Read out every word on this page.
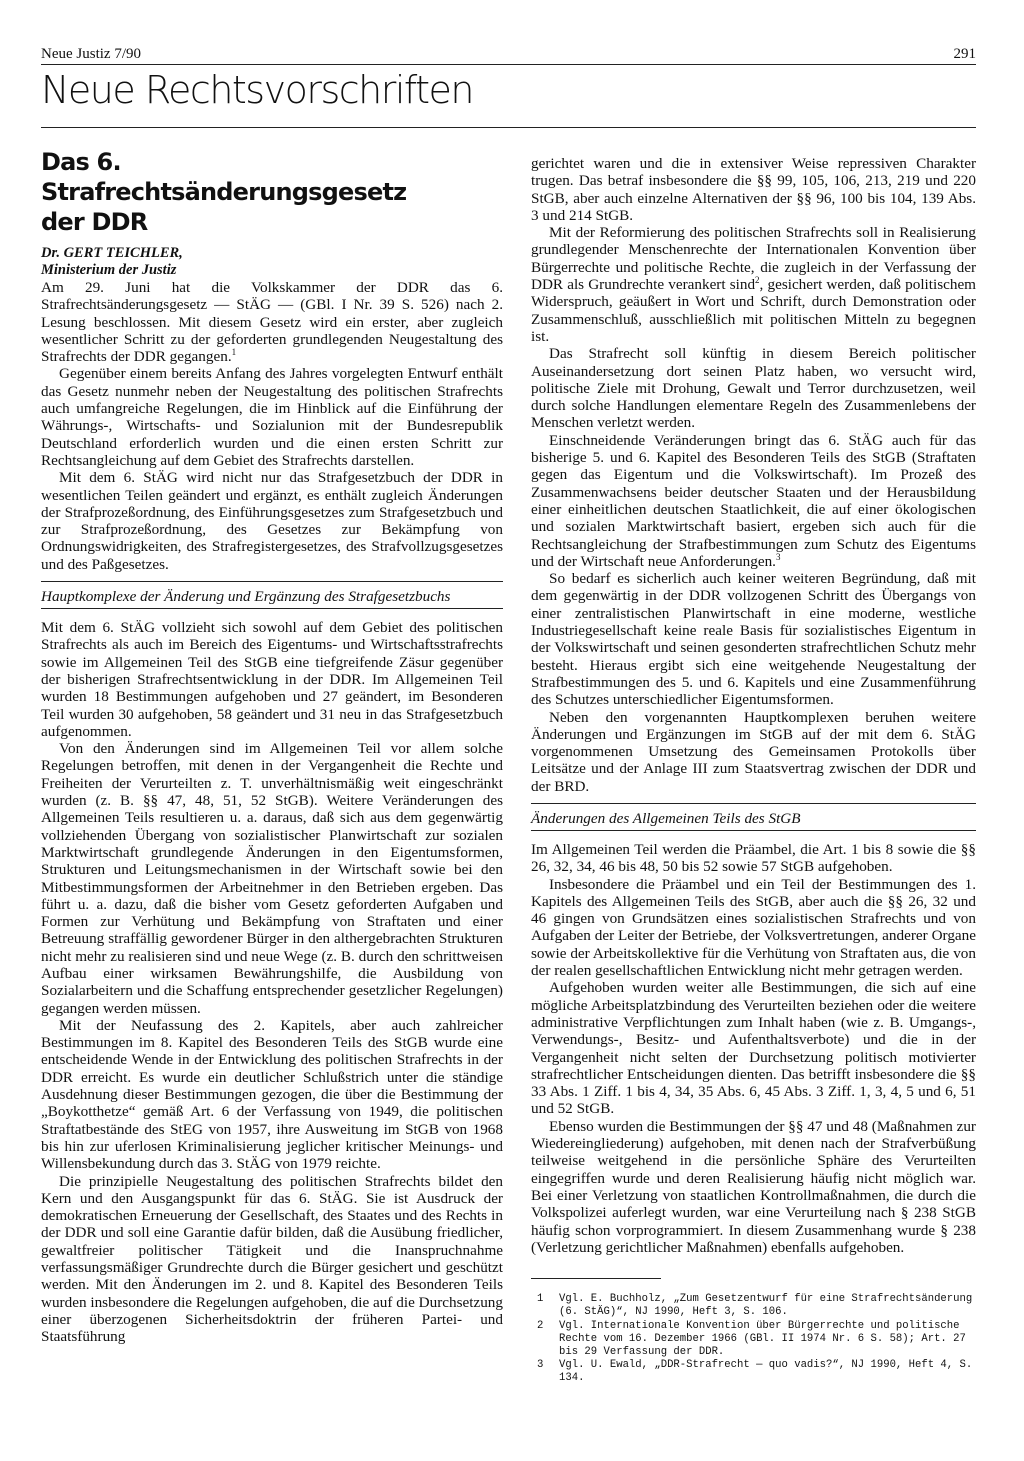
Neue Justiz 7/90	291
Neue Rechtsvorschriften
Das 6. Strafrechtsänderungsgesetz der DDR

Dr. GERT TEICHLER,

Ministerium der Justiz

Am 29. Juni hat die Volkskammer der DDR das 6. Strafrechtsänderungsgesetz — StÄG — (GBl. I Nr. 39 S. 526) nach 2. Lesung beschlossen. Mit diesem Gesetz wird ein erster, aber zugleich wesentlicher Schritt zu der geforderten grundlegenden Neugestaltung des Strafrechts der DDR gegangen.$^1$

Gegenüber einem bereits Anfang des Jahres vorgelegten Entwurf enthält das Gesetz nunmehr neben der Neugestaltung des politischen Strafrechts auch umfangreiche Regelungen, die im Hinblick auf die Einführung der Währungs-, Wirtschafts- und Sozialunion mit der Bundesrepublik Deutschland erforderlich wurden und die einen ersten Schritt zur Rechtsangleichung auf dem Gebiet des Strafrechts darstellen.

Mit dem 6. StÄG wird nicht nur das Strafgesetzbuch der DDR in wesentlichen Teilen geändert und ergänzt, es enthält zugleich Änderungen der Strafprozeßordnung, des Einführungsgesetzes zum Strafgesetzbuch und zur Strafprozeßordnung, des Gesetzes zur Bekämpfung von Ordnungswidrigkeiten, des Strafregistergesetzes, des Strafvollzugsgesetzes und des Paßgesetzes.

Hauptkomplexe der Änderung und Ergänzung des Strafgesetzbuchs

Mit dem 6. StÄG vollzieht sich sowohl auf dem Gebiet des politischen Strafrechts als auch im Bereich des Eigentums- und Wirtschaftsstrafrechts sowie im Allgemeinen Teil des StGB eine tiefgreifende Zäsur gegenüber der bisherigen Strafrechtsentwicklung in der DDR. Im Allgemeinen Teil wurden 18 Bestimmungen aufgehoben und 27 geändert, im Besonderen Teil wurden 30 aufgehoben, 58 geändert und 31 neu in das Strafgesetzbuch aufgenommen.

Von den Änderungen sind im Allgemeinen Teil vor allem solche Regelungen betroffen, mit denen in der Vergangenheit die Rechte und Freiheiten der Verurteilten z. T. unverhältnismäßig weit eingeschränkt wurden (z. B. §§ 47, 48, 51, 52 StGB). Weitere Veränderungen des Allgemeinen Teils resultieren u. a. daraus, daß sich aus dem gegenwärtig vollziehenden Übergang von sozialistischer Planwirtschaft zur sozialen Marktwirtschaft grundlegende Änderungen in den Eigentumsformen, Strukturen und Leitungsmechanismen in der Wirtschaft sowie bei den Mitbestimmungsformen der Arbeitnehmer in den Betrieben ergeben. Das führt u. a. dazu, daß die bisher vom Gesetz geforderten Aufgaben und Formen zur Verhütung und Bekämpfung von Straftaten und einer Betreuung straffällig gewordener Bürger in den althergebrachten Strukturen nicht mehr zu realisieren sind und neue Wege (z. B. durch den schrittweisen Aufbau einer wirksamen Bewährungshilfe, die Ausbildung von Sozialarbeitern und die Schaffung entsprechender gesetzlicher Regelungen) gegangen werden müssen.

Mit der Neufassung des 2. Kapitels, aber auch zahlreicher Bestimmungen im 8. Kapitel des Besonderen Teils des StGB wurde eine entscheidende Wende in der Entwicklung des politischen Strafrechts in der DDR erreicht. Es wurde ein deutlicher Schlußstrich unter die ständige Ausdehnung dieser Bestimmungen gezogen, die über die Bestimmung der „Boykotthetze“ gemäß Art. 6 der Verfassung von 1949, die politischen Straftatbestände des StEG von 1957, ihre Ausweitung im StGB von 1968 bis hin zur uferlosen Kriminalisierung jeglicher kritischer Meinungs- und Willensbekundung durch das 3. StÄG von 1979 reichte.

Die prinzipielle Neugestaltung des politischen Strafrechts bildet den Kern und den Ausgangspunkt für das 6. StÄG. Sie ist Ausdruck der demokratischen Erneuerung der Gesellschaft, des Staates und des Rechts in der DDR und soll eine Garantie dafür bilden, daß die Ausübung friedlicher, gewaltfreier politischer Tätigkeit und die Inanspruchnahme verfassungsmäßiger Grundrechte durch die Bürger gesichert und geschützt werden. Mit den Änderungen im 2. und 8. Kapitel des Besonderen Teils wurden insbesondere die Regelungen aufgehoben, die auf die Durchsetzung einer überzogenen Sicherheitsdoktrin der früheren Partei- und Staatsführung

gerichtet waren und die in extensiver Weise repressiven Charakter trugen. Das betraf insbesondere die §§ 99, 105, 106, 213, 219 und 220 StGB, aber auch einzelne Alternativen der §§ 96, 100 bis 104, 139 Abs. 3 und 214 StGB.

Mit der Reformierung des politischen Strafrechts soll in Realisierung grundlegender Menschenrechte der Internationalen Konvention über Bürgerrechte und politische Rechte, die zugleich in der Verfassung der DDR als Grundrechte verankert sind$^2$, gesichert werden, daß politischem Widerspruch, geäußert in Wort und Schrift, durch Demonstration oder Zusammenschluß, ausschließlich mit politischen Mitteln zu begegnen ist.

Das Strafrecht soll künftig in diesem Bereich politischer Auseinandersetzung dort seinen Platz haben, wo versucht wird, politische Ziele mit Drohung, Gewalt und Terror durchzusetzen, weil durch solche Handlungen elementare Regeln des Zusammenlebens der Menschen verletzt werden.

Einschneidende Veränderungen bringt das 6. StÄG auch für das bisherige 5. und 6. Kapitel des Besonderen Teils des StGB (Straftaten gegen das Eigentum und die Volkswirtschaft). Im Prozeß des Zusammenwachsens beider deutscher Staaten und der Herausbildung einer einheitlichen deutschen Staatlichkeit, die auf einer ökologischen und sozialen Marktwirtschaft basiert, ergeben sich auch für die Rechtsangleichung der Strafbestimmungen zum Schutz des Eigentums und der Wirtschaft neue Anforderungen.$^3$

So bedarf es sicherlich auch keiner weiteren Begründung, daß mit dem gegenwärtig in der DDR vollzogenen Schritt des Übergangs von einer zentralistischen Planwirtschaft in eine moderne, westliche Industriegesellschaft keine reale Basis für sozialistisches Eigentum in der Volkswirtschaft und seinen gesonderten strafrechtlichen Schutz mehr besteht. Hieraus ergibt sich eine weitgehende Neugestaltung der Strafbestimmungen des 5. und 6. Kapitels und eine Zusammenführung des Schutzes unterschiedlicher Eigentumsformen.

Neben den vorgenannten Hauptkomplexen beruhen weitere Änderungen und Ergänzungen im StGB auf der mit dem 6. StÄG vorgenommenen Umsetzung des Gemeinsamen Protokolls über Leitsätze und der Anlage III zum Staatsvertrag zwischen der DDR und der BRD.

Änderungen des Allgemeinen Teils des StGB

Im Allgemeinen Teil werden die Präambel, die Art. 1 bis 8 sowie die §§ 26, 32, 34, 46 bis 48, 50 bis 52 sowie 57 StGB aufgehoben.

Insbesondere die Präambel und ein Teil der Bestimmungen des 1. Kapitels des Allgemeinen Teils des StGB, aber auch die §§ 26, 32 und 46 gingen von Grundsätzen eines sozialistischen Strafrechts und von Aufgaben der Leiter der Betriebe, der Volksvertretungen, anderer Organe sowie der Arbeitskollektive für die Verhütung von Straftaten aus, die von der realen gesellschaftlichen Entwicklung nicht mehr getragen werden.

Aufgehoben wurden weiter alle Bestimmungen, die sich auf eine mögliche Arbeitsplatzbindung des Verurteilten beziehen oder die weitere administrative Verpflichtungen zum Inhalt haben (wie z. B. Umgangs-, Verwendungs-, Besitz- und Aufenthaltsverbote) und die in der Vergangenheit nicht selten der Durchsetzung politisch motivierter strafrechtlicher Entscheidungen dienten. Das betrifft insbesondere die §§ 33 Abs. 1 Ziff. 1 bis 4, 34, 35 Abs. 6, 45 Abs. 3 Ziff. 1, 3, 4, 5 und 6, 51 und 52 StGB.

Ebenso wurden die Bestimmungen der §§ 47 und 48 (Maßnahmen zur Wiedereingliederung) aufgehoben, mit denen nach der Strafverbüßung teilweise weitgehend in die persönliche Sphäre des Verurteilten eingegriffen wurde und deren Realisierung häufig nicht möglich war. Bei einer Verletzung von staatlichen Kontrollmaßnahmen, die durch die Volkspolizei auferlegt wurden, war eine Verurteilung nach § 238 StGB häufig schon vorprogrammiert. In diesem Zusammenhang wurde § 238 (Verletzung gerichtlicher Maßnahmen) ebenfalls aufgehoben.

1 Vgl. E. Buchholz, „Zum Gesetzentwurf für eine Strafrechtsänderung (6. StÄG)“, NJ 1990, Heft 3, S. 106.

2 Vgl. Internationale Konvention über Bürgerrechte und politische Rechte vom 16. Dezember 1966 (GBl. II 1974 Nr. 6 S. 58); Art. 27 bis 29 Verfassung der DDR.

3 Vgl. U. Ewald, „DDR-Strafrecht — quo vadis?“, NJ 1990, Heft 4, S. 134.
